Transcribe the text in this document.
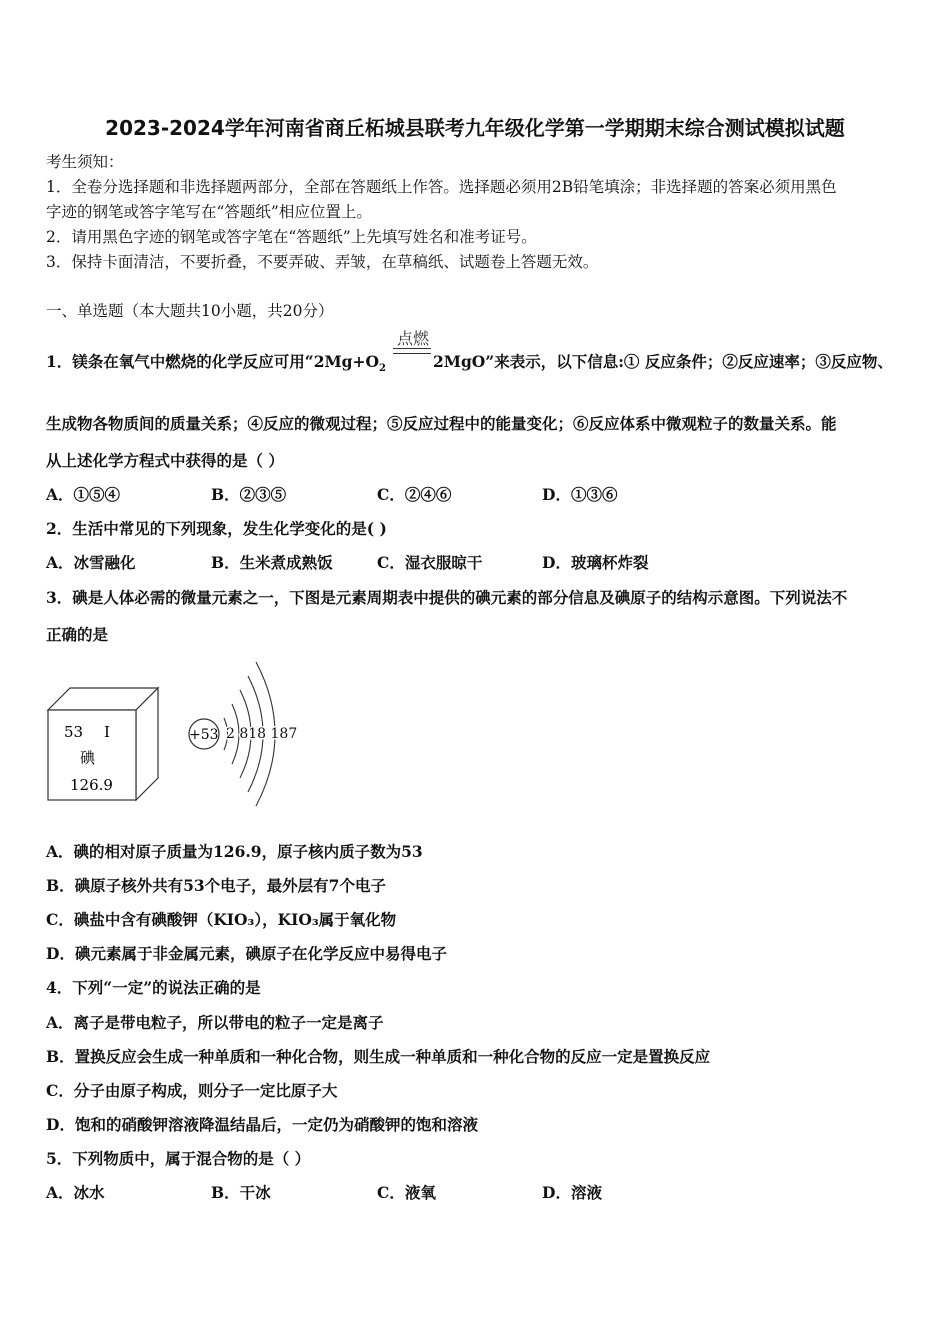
2023-2024学年河南省商丘柘城县联考九年级化学第一学期期末综合测试模拟试题
考生须知：
1．全卷分选择题和非选择题两部分，全部在答题纸上作答。选择题必须用2B铅笔填涂；非选择题的答案必须用黑色
字迹的钢笔或答字笔写在“答题纸”相应位置上。
2．请用黑色字迹的钢笔或答字笔在“答题纸”上先填写姓名和准考证号。
3．保持卡面清洁，不要折叠，不要弄破、弄皱，在草稿纸、试题卷上答题无效。
一、单选题（本大题共10小题，共20分）
1．镁条在氧气中燃烧的化学反应可用“$2Mg+O_2$
点燃
2MgO”来表示，以下信息:① 反应条件；②反应速率；③反应物、
生成物各物质间的质量关系；④反应的微观过程；⑤反应过程中的能量变化；⑥反应体系中微观粒子的数量关系。能
从上述化学方程式中获得的是（ ）
A．①⑤④	B．②③⑤	C．②④⑥	D．①③⑥
2．生活中常见的下列现象，发生化学变化的是( )
A．冰雪融化	B．生米煮成熟饭	C．湿衣服晾干	D．玻璃杯炸裂
3．碘是人体必需的微量元素之一，下图是元素周期表中提供的碘元素的部分信息及碘原子的结构示意图。下列说法不
正确的是
53 I
碘
126.9
+53 2 818 187
A．碘的相对原子质量为126.9，原子核内质子数为53
B．碘原子核外共有53个电子，最外层有7个电子
C．碘盐中含有碘酸钾（KIO₃），KIO₃属于氧化物
D．碘元素属于非金属元素，碘原子在化学反应中易得电子
4．下列“一定”的说法正确的是
A．离子是带电粒子，所以带电的粒子一定是离子
B．置换反应会生成一种单质和一种化合物，则生成一种单质和一种化合物的反应一定是置换反应
C．分子由原子构成，则分子一定比原子大
D．饱和的硝酸钾溶液降温结晶后，一定仍为硝酸钾的饱和溶液
5．下列物质中，属于混合物的是（ ）
A．冰水	B．干冰	C．液氧	D．溶液
